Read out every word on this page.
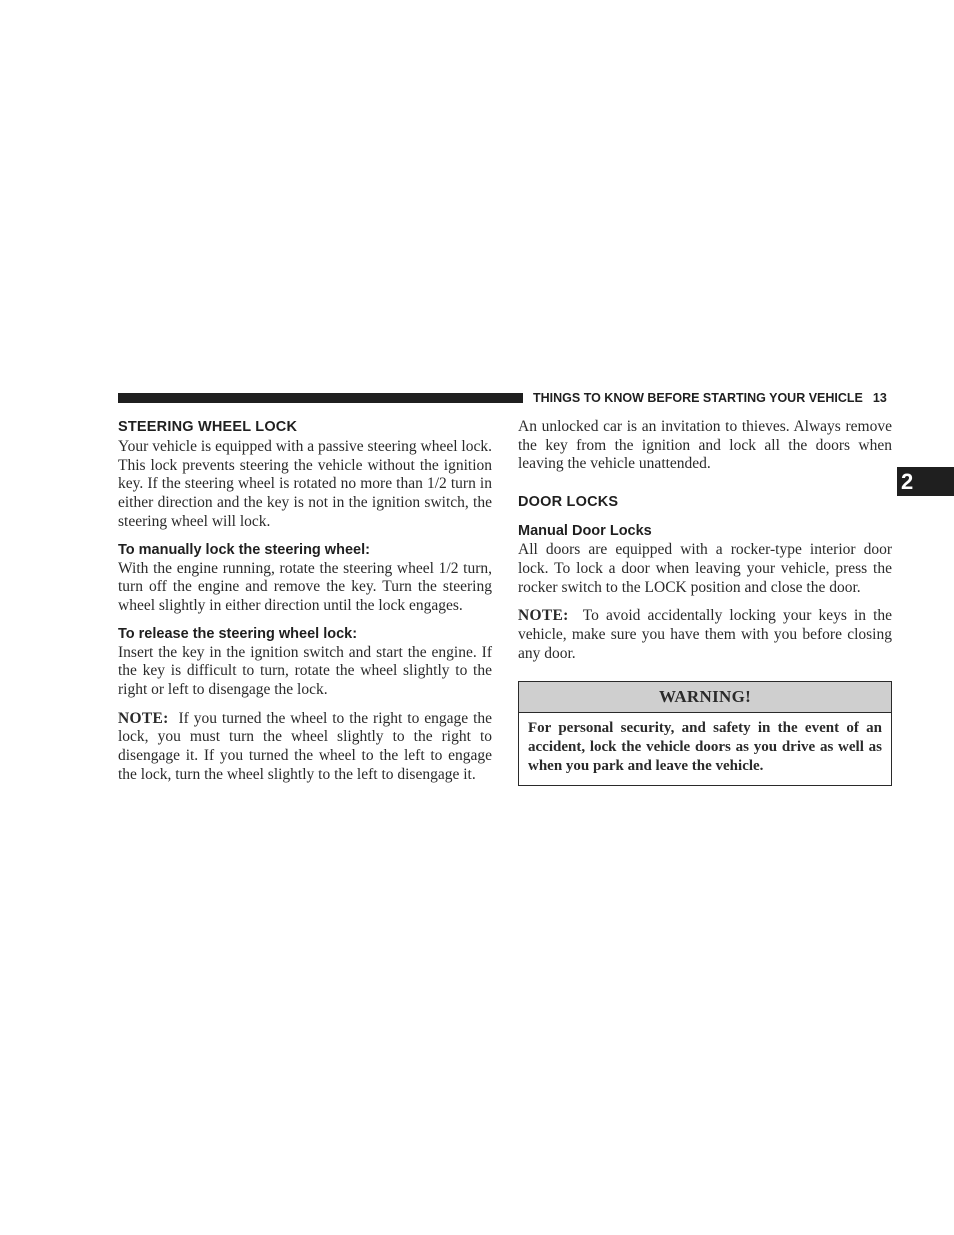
THINGS TO KNOW BEFORE STARTING YOUR VEHICLE 13
2
STEERING WHEEL LOCK

Your vehicle is equipped with a passive steering wheel lock. This lock prevents steering the vehicle without the ignition key. If the steering wheel is rotated no more than 1/2 turn in either direction and the key is not in the ignition switch, the steering wheel will lock.

To manually lock the steering wheel:

With the engine running, rotate the steering wheel 1/2 turn, turn off the engine and remove the key. Turn the steering wheel slightly in either direction until the lock engages.

To release the steering wheel lock:

Insert the key in the ignition switch and start the engine. If the key is difficult to turn, rotate the wheel slightly to the right or left to disengage the lock.

NOTE: If you turned the wheel to the right to engage the lock, you must turn the wheel slightly to the right to disengage it. If you turned the wheel to the left to engage the lock, turn the wheel slightly to the left to disengage it.

An unlocked car is an invitation to thieves. Always remove the key from the ignition and lock all the doors when leaving the vehicle unattended.

DOOR LOCKS
Manual Door Locks

All doors are equipped with a rocker-type interior door lock. To lock a door when leaving your vehicle, press the rocker switch to the LOCK position and close the door.

NOTE: To avoid accidentally locking your keys in the vehicle, make sure you have them with you before closing any door.

WARNING!
For personal security, and safety in the event of an accident, lock the vehicle doors as you drive as well as when you park and leave the vehicle.
